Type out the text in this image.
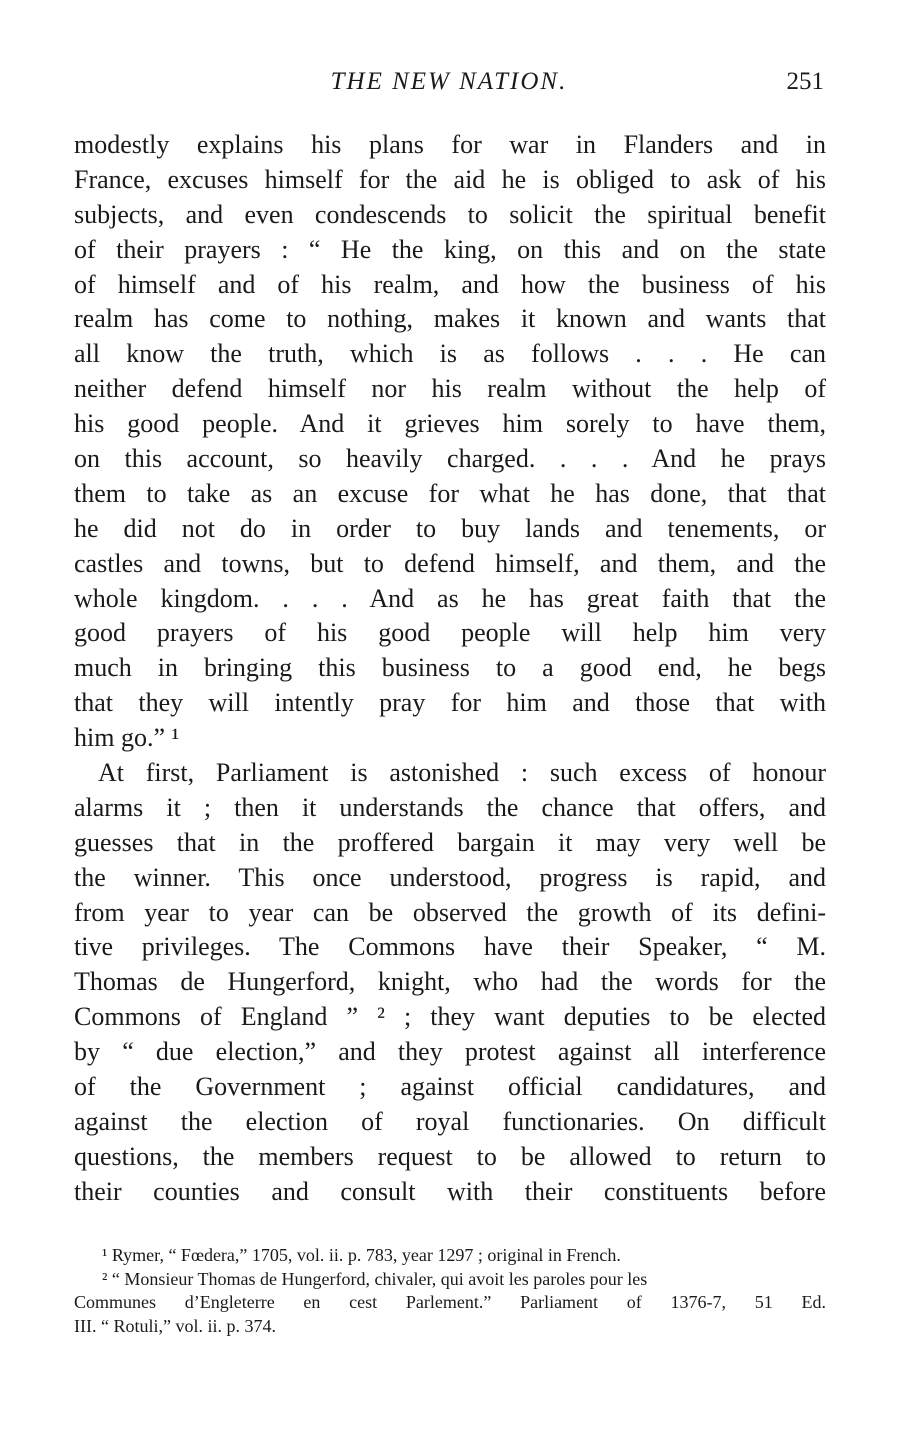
THE NEW NATION.	251
modestly explains his plans for war in Flanders and in
France, excuses himself for the aid he is obliged to ask of his
subjects, and even condescends to solicit the spiritual benefit
of their prayers : “ He the king, on this and on the state
of himself and of his realm, and how the business of his
realm has come to nothing, makes it known and wants that
all know the truth, which is as follows . . . He can
neither defend himself nor his realm without the help of
his good people. And it grieves him sorely to have them,
on this account, so heavily charged. . . . And he prays
them to take as an excuse for what he has done, that that
he did not do in order to buy lands and tenements, or
castles and towns, but to defend himself, and them, and the
whole kingdom. . . . And as he has great faith that the
good prayers of his good people will help him very
much in bringing this business to a good end, he begs
that they will intently pray for him and those that with
him go.” ¹
At first, Parliament is astonished : such excess of honour
alarms it ; then it understands the chance that offers, and
guesses that in the proffered bargain it may very well be
the winner. This once understood, progress is rapid, and
from year to year can be observed the growth of its defini-
tive privileges. The Commons have their Speaker, “ M.
Thomas de Hungerford, knight, who had the words for the
Commons of England ” ² ; they want deputies to be elected
by “ due election,” and they protest against all interference
of the Government ; against official candidatures, and
against the election of royal functionaries. On difficult
questions, the members request to be allowed to return to
their counties and consult with their constituents before
¹ Rymer, “ Fœdera,” 1705, vol. ii. p. 783, year 1297 ; original in French.
² “ Monsieur Thomas de Hungerford, chivaler, qui avoit les paroles pour les
Communes d’Engleterre en cest Parlement.” Parliament of 1376-7, 51 Ed.
III. “ Rotuli,” vol. ii. p. 374.
